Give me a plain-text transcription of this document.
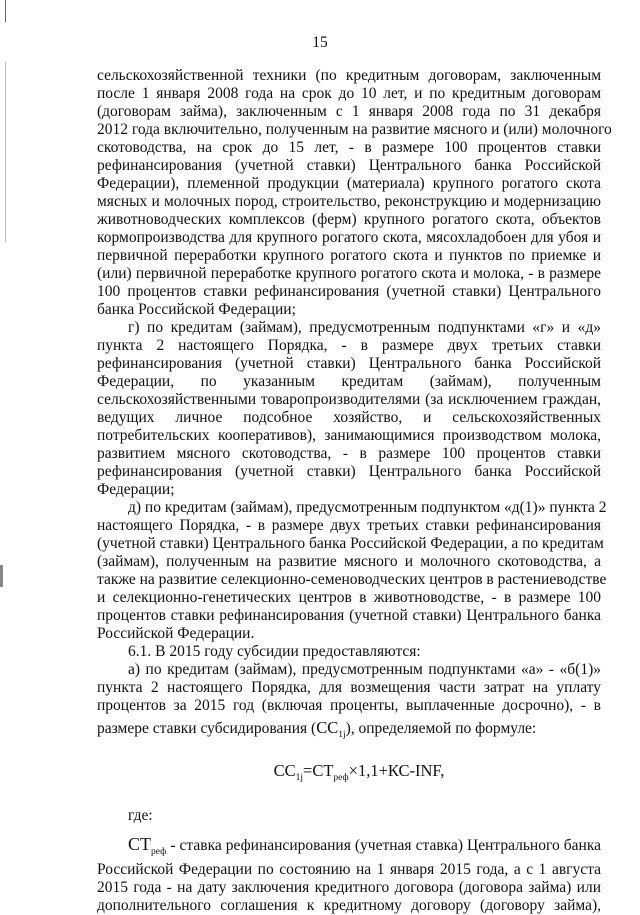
15
сельскохозяйственной техники (по кредитным договорам, заключенным
после 1 января 2008 года на срок до 10 лет, и по кредитным договорам
(договорам займа), заключенным с 1 января 2008 года по 31 декабря
2012 года включительно, полученным на развитие мясного и (или) молочного
скотоводства, на срок до 15 лет, - в размере 100 процентов ставки
рефинансирования (учетной ставки) Центрального банка Российской
Федерации), племенной продукции (материала) крупного рогатого скота
мясных и молочных пород, строительство, реконструкцию и модернизацию
животноводческих комплексов (ферм) крупного рогатого скота, объектов
кормопроизводства для крупного рогатого скота, мясохладобоен для убоя и
первичной переработки крупного рогатого скота и пунктов по приемке и
(или) первичной переработке крупного рогатого скота и молока, - в размере
100 процентов ставки рефинансирования (учетной ставки) Центрального
банка Российской Федерации;
г) по кредитам (займам), предусмотренным подпунктами «г» и «д»
пункта 2 настоящего Порядка, - в размере двух третьих ставки
рефинансирования (учетной ставки) Центрального банка Российской
Федерации, по указанным кредитам (займам), полученным
сельскохозяйственными товаропроизводителями (за исключением граждан,
ведущих личное подсобное хозяйство, и сельскохозяйственных
потребительских кооперативов), занимающимися производством молока,
развитием мясного скотоводства, - в размере 100 процентов ставки
рефинансирования (учетной ставки) Центрального банка Российской
Федерации;
д) по кредитам (займам), предусмотренным подпунктом «д(1)» пункта 2
настоящего Порядка, - в размере двух третьих ставки рефинансирования
(учетной ставки) Центрального банка Российской Федерации, а по кредитам
(займам), полученным на развитие мясного и молочного скотоводства, а
также на развитие селекционно-семеноводческих центров в растениеводстве
и селекционно-генетических центров в животноводстве, - в размере 100
процентов ставки рефинансирования (учетной ставки) Центрального банка
Российской Федерации.
6.1. В 2015 году субсидии предоставляются:
а) по кредитам (займам), предусмотренным подпунктами «а» - «б(1)»
пункта 2 настоящего Порядка, для возмещения части затрат на уплату
процентов за 2015 год (включая проценты, выплаченные досрочно), - в
размере ставки субсидирования $(СС_{1j})$, определяемой по формуле:
$СС_{1j}=СТ_{реф}\times 1,1+КС$-INF,
где:
$СТ_{реф}$ - ставка рефинансирования (учетная ставка) Центрального банка
Российской Федерации по состоянию на 1 января 2015 года, а с 1 августа
2015 года - на дату заключения кредитного договора (договора займа) или
дополнительного соглашения к кредитному договору (договору займа),
